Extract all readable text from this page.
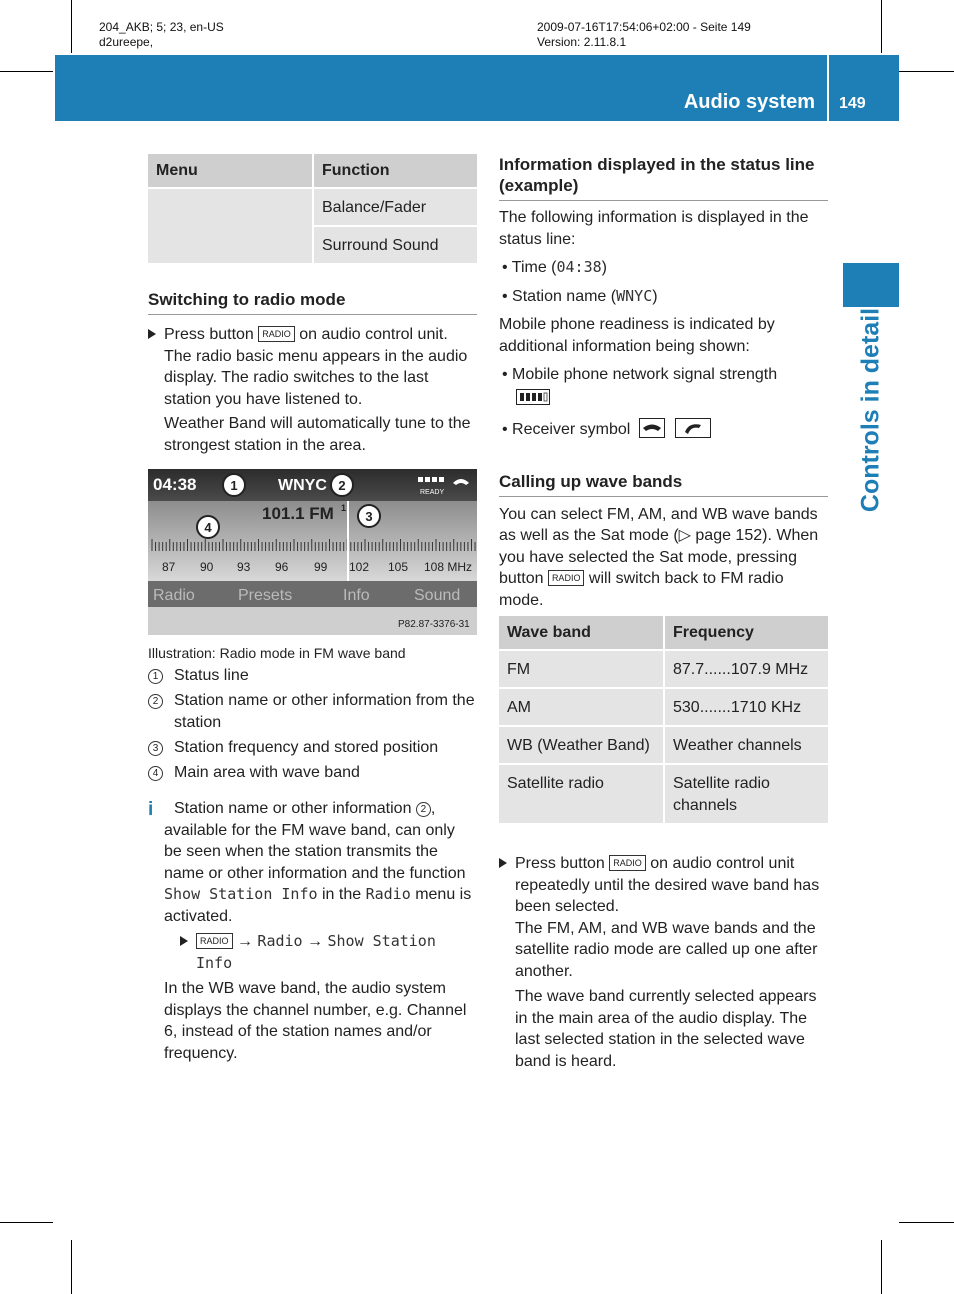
204_AKB; 5; 23, en-US
d2ureepe,
2009-07-16T17:54:06+02:00 - Seite 149
Version: 2.11.8.1
Audio system 149
Controls in detail
Menu	Function
	Balance/Fader
	Surround Sound
Switching to radio mode
Press button RADIO on audio control unit. The radio basic menu appears in the audio display. The radio switches to the last station you have listened to.
Weather Band will automatically tune to the strongest station in the area.
04:38	WNYC	READY
101.1 FM 1
87 90 93 96 99 102 105 108 MHz
Radio	Presets	Info	Sound
P82.87-3376-31
1	2
3
4
Illustration: Radio mode in FM wave band
1 Status line
2 Station name or other information from the station
3 Station frequency and stored position
4 Main area with wave band
i Station name or other information 2 , available for the FM wave band, can only be seen when the station transmits the name or other information and the function Show Station Info in the Radio menu is activated.
RADIO → Radio → Show Station Info
In the WB wave band, the audio system displays the channel number, e.g. Channel 6, instead of the station names and/or frequency.
Information displayed in the status line (example)
The following information is displayed in the status line:
• Time (04:38)
• Station name (WNYC)
Mobile phone readiness is indicated by additional information being shown:
• Mobile phone network signal strength
• Receiver symbol
Calling up wave bands
You can select FM, AM, and WB wave bands as well as the Sat mode (▷ page 152). When you have selected the Sat mode, pressing button RADIO will switch back to FM radio mode.
Wave band	Frequency
FM	87.7......107.9 MHz
AM	530.......1710 KHz
WB (Weather Band)	Weather channels
Satellite radio	Satellite radio channels
Press button RADIO on audio control unit repeatedly until the desired wave band has been selected.
The FM, AM, and WB wave bands and the satellite radio mode are called up one after another.
The wave band currently selected appears in the main area of the audio display. The last selected station in the selected wave band is heard.
